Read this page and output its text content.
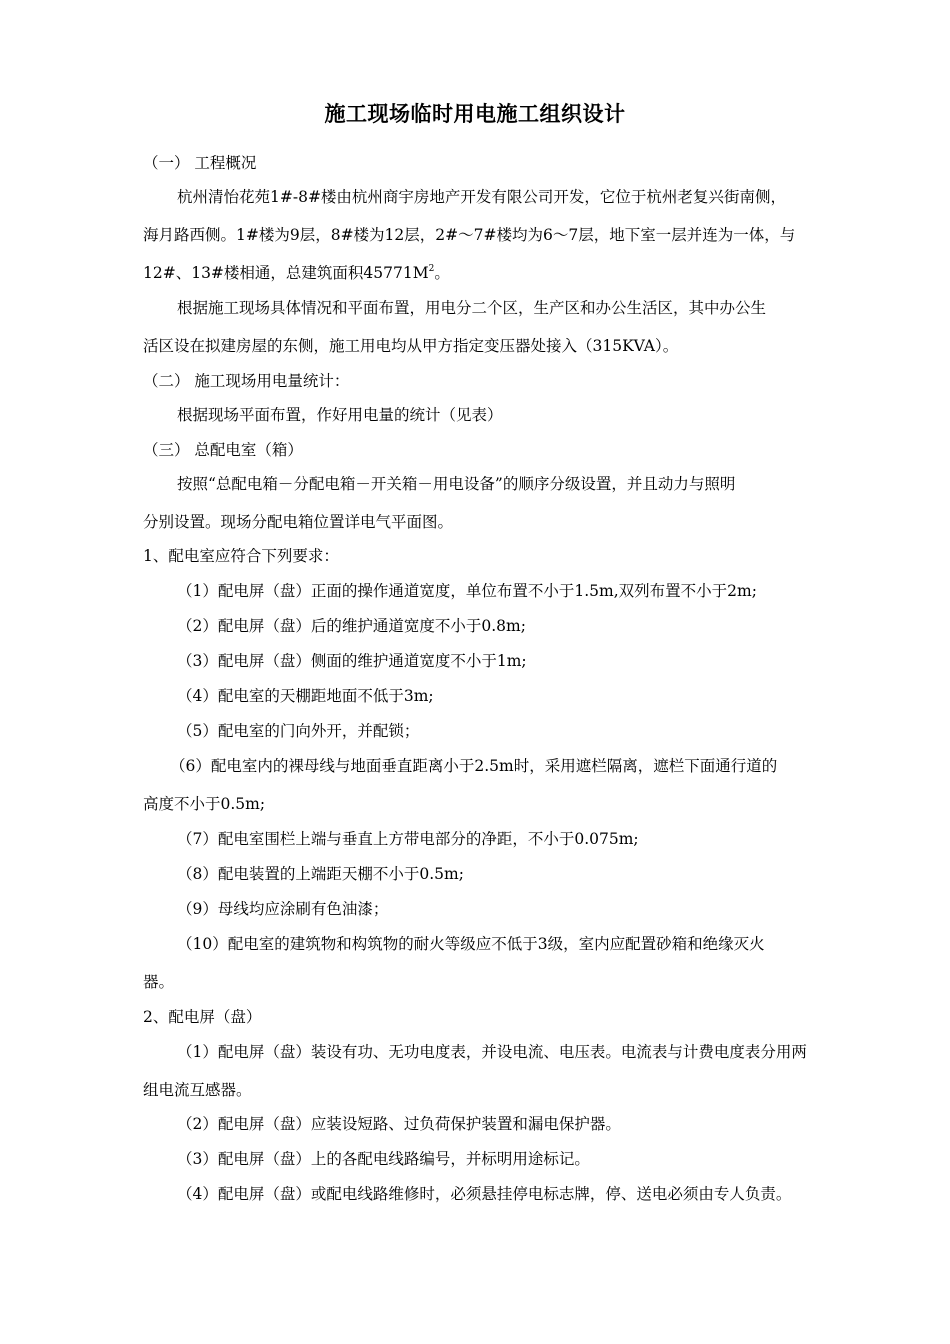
施工现场临时用电施工组织设计
（一） 工程概况
杭州清怡花苑1#-8#楼由杭州商宇房地产开发有限公司开发，它位于杭州老复兴街南侧，
海月路西侧。1#楼为9层，8#楼为12层，2#～7#楼均为6～7层，地下室一层并连为一体，与
12#、13#楼相通，总建筑面积$45771M^2$。
根据施工现场具体情况和平面布置，用电分二个区，生产区和办公生活区，其中办公生
活区设在拟建房屋的东侧，施工用电均从甲方指定变压器处接入（315KVA）。
（二） 施工现场用电量统计：
根据现场平面布置，作好用电量的统计（见表）
（三） 总配电室（箱）
按照“总配电箱－分配电箱－开关箱－用电设备”的顺序分级设置，并且动力与照明
分别设置。现场分配电箱位置详电气平面图。
1、配电室应符合下列要求：
（1）配电屏（盘）正面的操作通道宽度，单位布置不小于1.5m,双列布置不小于2m;
（2）配电屏（盘）后的维护通道宽度不小于0.8m;
（3）配电屏（盘）侧面的维护通道宽度不小于1m;
（4）配电室的天棚距地面不低于3m;
（5）配电室的门向外开，并配锁；
（6）配电室内的裸母线与地面垂直距离小于2.5m时，采用遮栏隔离，遮栏下面通行道的
高度不小于0.5m;
（7）配电室围栏上端与垂直上方带电部分的净距，不小于0.075m;
（8）配电装置的上端距天棚不小于0.5m;
（9）母线均应涂刷有色油漆；
（10）配电室的建筑物和构筑物的耐火等级应不低于3级，室内应配置砂箱和绝缘灭火
器。
2、配电屏（盘）
（1）配电屏（盘）装设有功、无功电度表，并设电流、电压表。电流表与计费电度表分用两
组电流互感器。
（2）配电屏（盘）应装设短路、过负荷保护装置和漏电保护器。
（3）配电屏（盘）上的各配电线路编号，并标明用途标记。
（4）配电屏（盘）或配电线路维修时，必须悬挂停电标志牌，停、送电必须由专人负责。
